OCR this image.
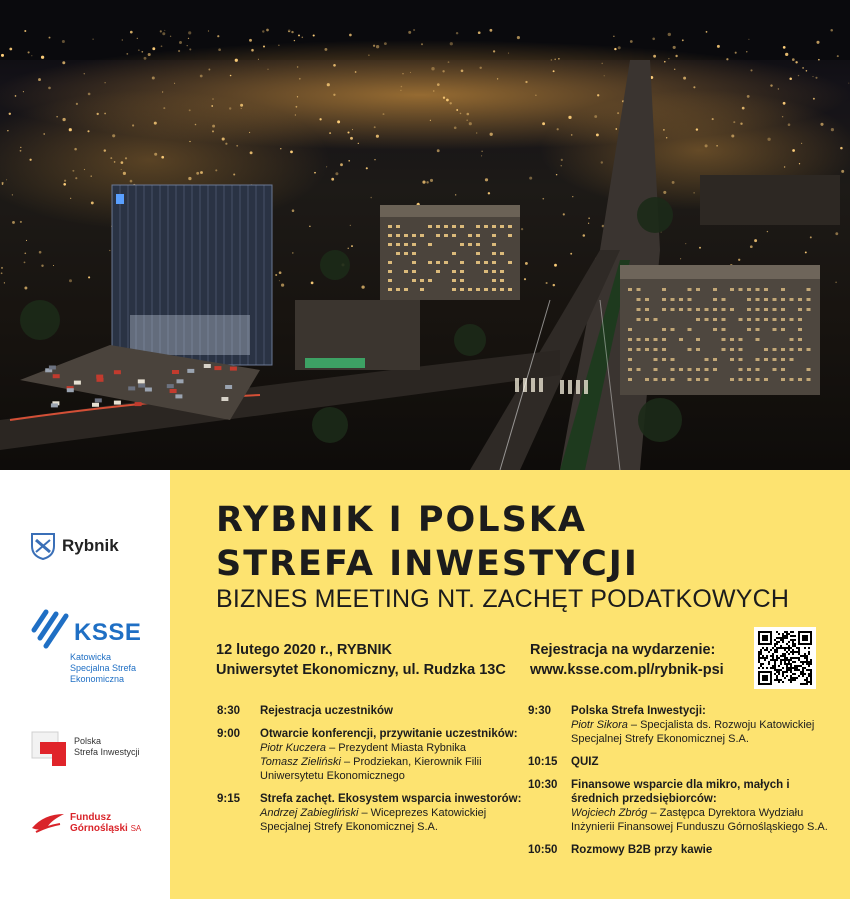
Rybnik
KSSE
Katowicka
Specjalna Strefa
Ekonomiczna
Polska
Strefa Inwestycji
Fundusz
Górnośląski SA
RYBNIK I POLSKA
STREFA INWESTYCJI
BIZNES MEETING NT. ZACHĘT PODATKOWYCH
12 lutego 2020 r., RYBNIK
Uniwersytet Ekonomiczny, ul. Rudzka 13C
Rejestracja na wydarzenie:
www.ksse.com.pl/rybnik-psi
8:30	Rejestracja uczestników
9:00	Otwarcie konferencji, przywitanie uczestników:
Piotr Kuczera – Prezydent Miasta Rybnika
Tomasz Zieliński – Prodziekan, Kierownik Filii Uniwersytetu Ekonomicznego
9:15	Strefa zachęt. Ekosystem wsparcia inwestorów:
Andrzej Zabiegliński – Wiceprezes Katowickiej Specjalnej Strefy Ekonomicznej S.A.
9:30	Polska Strefa Inwestycji:
Piotr Sikora – Specjalista ds. Rozwoju Katowickiej Specjalnej Strefy Ekonomicznej S.A.
10:15	QUIZ
10:30	Finansowe wsparcie dla mikro, małych i średnich przedsiębiorców:
Wojciech Zbróg – Zastępca Dyrektora Wydziału Inżynierii Finansowej Funduszu Górnośląskiego S.A.
10:50	Rozmowy B2B przy kawie
